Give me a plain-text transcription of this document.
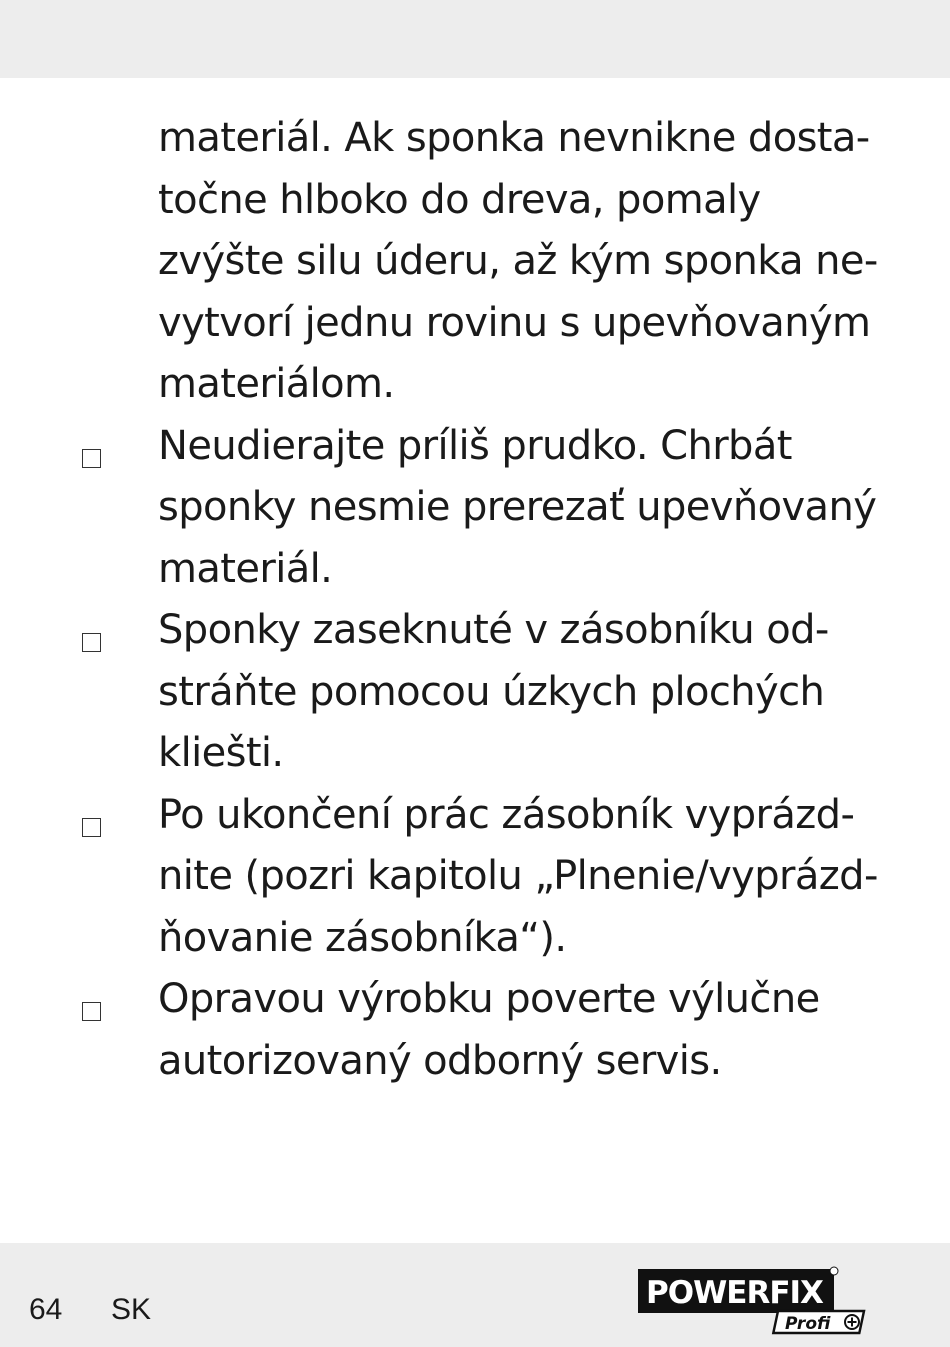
materiál. Ak sponka nevnikne dosta-
točne hlboko do dreva, pomaly
zvýšte silu úderu, až kým sponka ne-
vytvorí jednu rovinu s upevňovaným
materiálom.
Neudierajte príliš prudko. Chrbát
sponky nesmie prerezať upevňovaný
materiál.
Sponky zaseknuté v zásobníku od-
stráňte pomocou úzkych plochých
kliešti.
Po ukončení prác zásobník vyprázd-
nite (pozri kapitolu „Plnenie/vyprázd-
ňovanie zásobníka“).
Opravou výrobku poverte výlučne
autorizovaný odborný servis.
64 SK	POWERFIX
Profi
